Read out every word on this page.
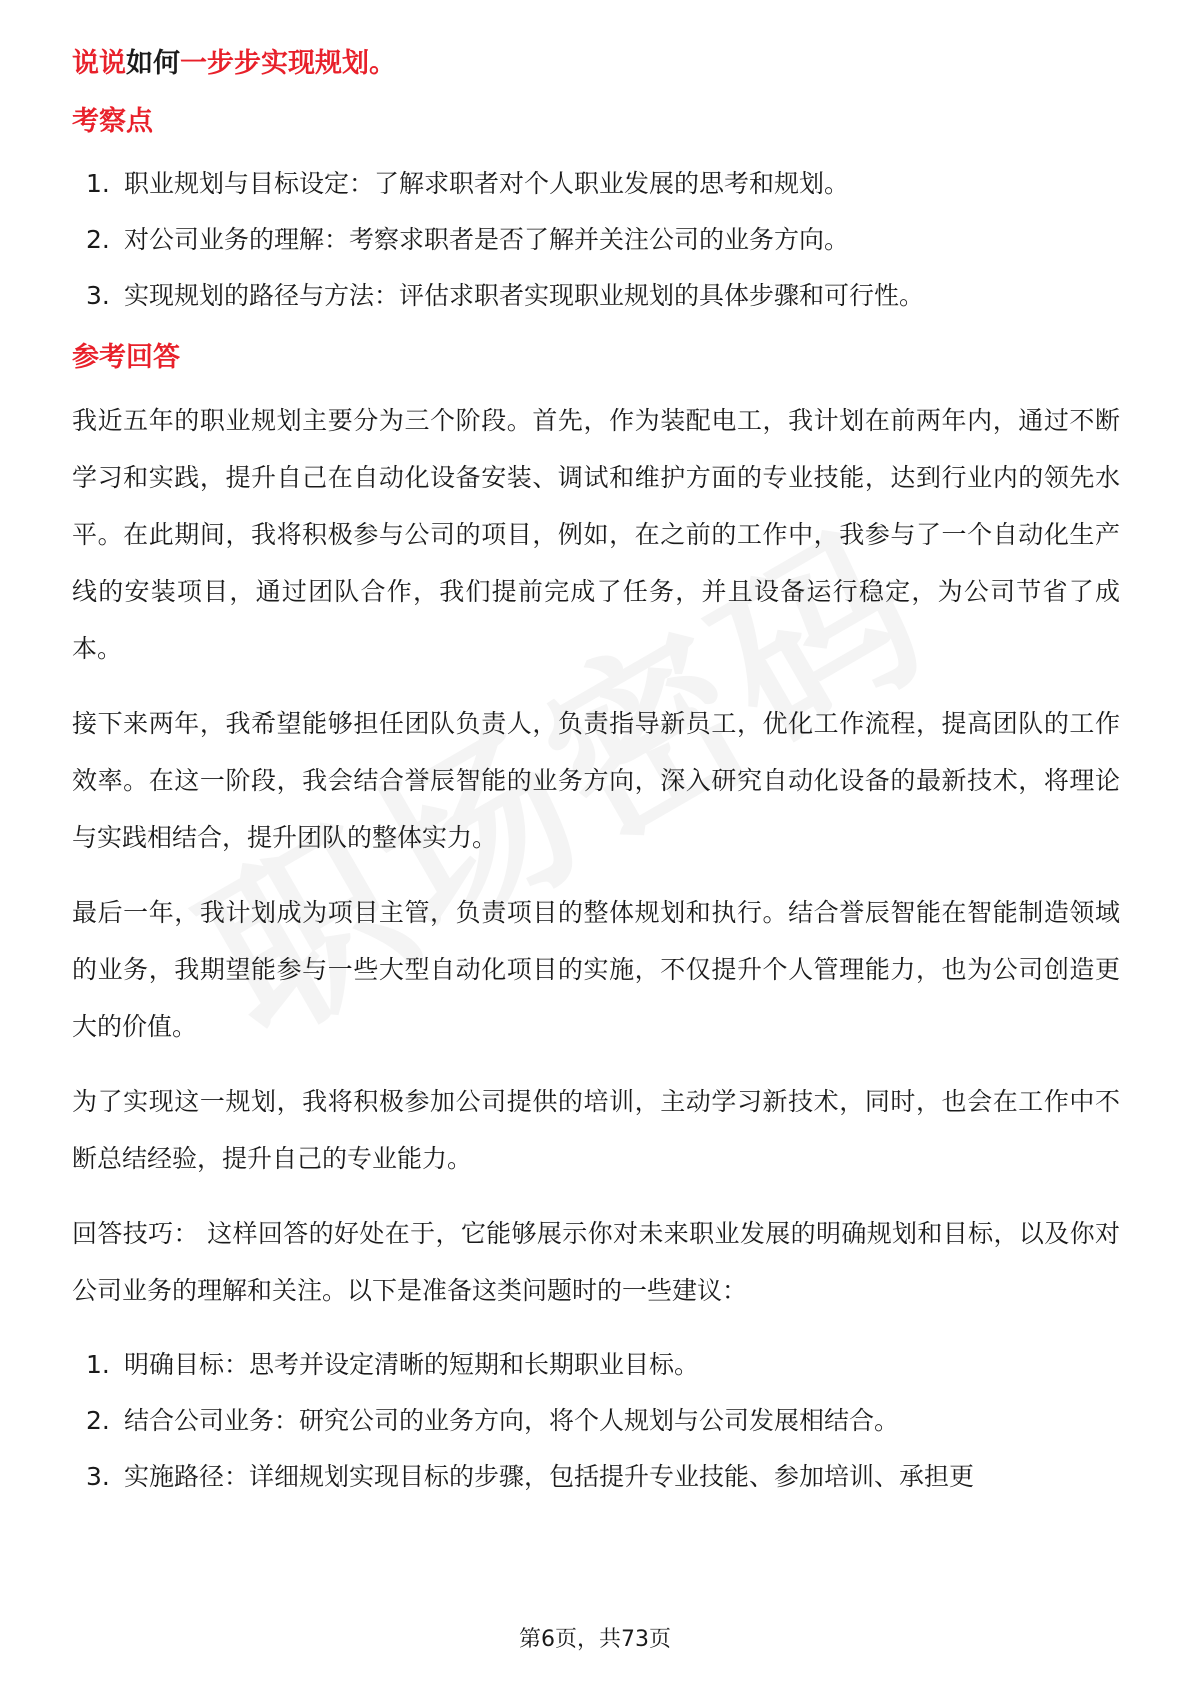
说说如何一步步实现规划。
考察点
1. 职业规划与目标设定：了解求职者对个人职业发展的思考和规划。
2. 对公司业务的理解：考察求职者是否了解并关注公司的业务方向。
3. 实现规划的路径与方法：评估求职者实现职业规划的具体步骤和可行性。
参考回答

我近五年的职业规划主要分为三个阶段。首先，作为装配电工，我计划在前两年内，通过不断学习和实践，提升自己在自动化设备安装、调试和维护方面的专业技能，达到行业内的领先水平。在此期间，我将积极参与公司的项目，例如，在之前的工作中，我参与了一个自动化生产线的安装项目，通过团队合作，我们提前完成了任务，并且设备运行稳定，为公司节省了成本。

接下来两年，我希望能够担任团队负责人，负责指导新员工，优化工作流程，提高团队的工作效率。在这一阶段，我会结合誉辰智能的业务方向，深入研究自动化设备的最新技术，将理论与实践相结合，提升团队的整体实力。

最后一年，我计划成为项目主管，负责项目的整体规划和执行。结合誉辰智能在智能制造领域的业务，我期望能参与一些大型自动化项目的实施，不仅提升个人管理能力，也为公司创造更大的价值。

为了实现这一规划，我将积极参加公司提供的培训，主动学习新技术，同时，也会在工作中不断总结经验，提升自己的专业能力。

回答技巧： 这样回答的好处在于，它能够展示你对未来职业发展的明确规划和目标，以及你对公司业务的理解和关注。以下是准备这类问题时的一些建议：

1. 明确目标：思考并设定清晰的短期和长期职业目标。
2. 结合公司业务：研究公司的业务方向，将个人规划与公司发展相结合。
3. 实施路径：详细规划实现目标的步骤，包括提升专业技能、参加培训、承担更
第6页，共73页
